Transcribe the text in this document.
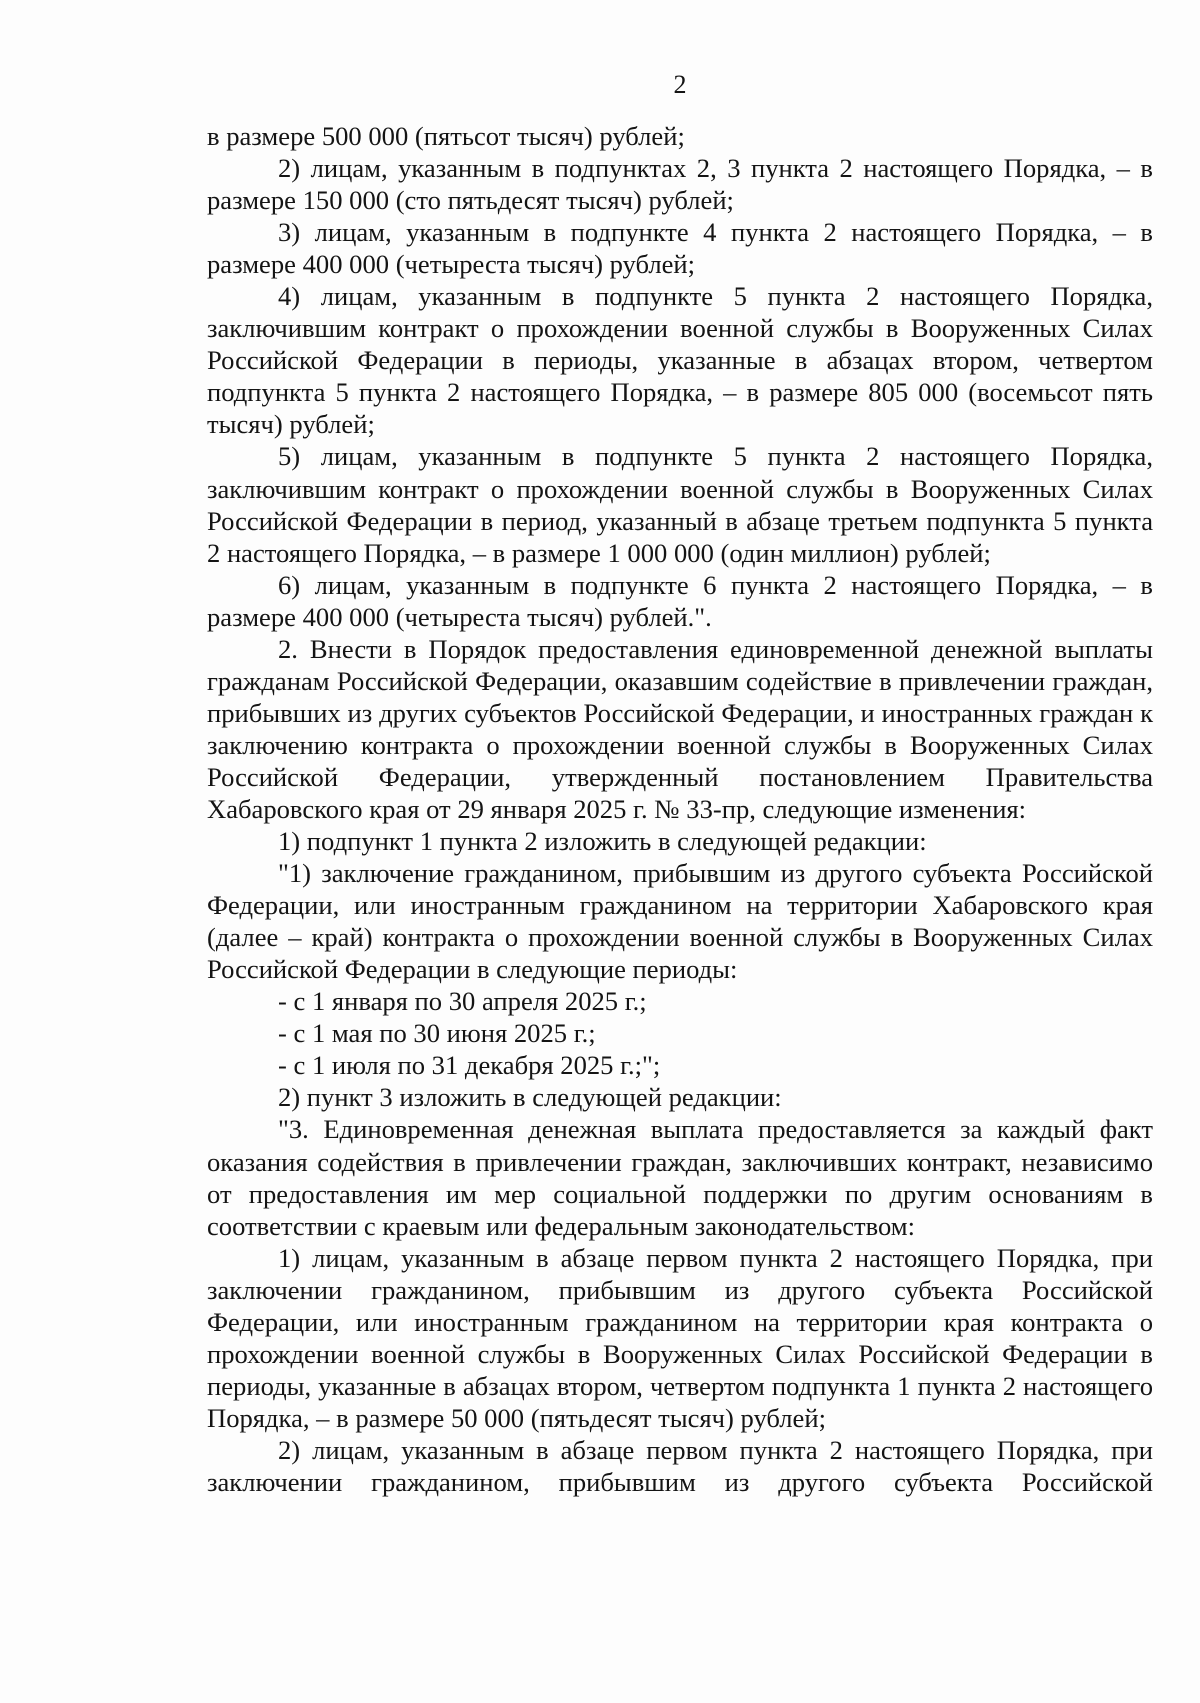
2

в размере 500 000 (пятьсот тысяч) рублей;

2) лицам, указанным в подпунктах 2, 3 пункта 2 настоящего Порядка, – в размере 150 000 (сто пятьдесят тысяч) рублей;

3) лицам, указанным в подпункте 4 пункта 2 настоящего Порядка, – в размере 400 000 (четыреста тысяч) рублей;

4) лицам, указанным в подпункте 5 пункта 2 настоящего Порядка, заключившим контракт о прохождении военной службы в Вооруженных Силах Российской Федерации в периоды, указанные в абзацах втором, четвертом подпункта 5 пункта 2 настоящего Порядка, – в размере 805 000 (восемьсот пять тысяч) рублей;

5) лицам, указанным в подпункте 5 пункта 2 настоящего Порядка, заключившим контракт о прохождении военной службы в Вооруженных Силах Российской Федерации в период, указанный в абзаце третьем подпункта 5 пункта 2 настоящего Порядка, – в размере 1 000 000 (один миллион) рублей;

6) лицам, указанным в подпункте 6 пункта 2 настоящего Порядка, – в размере 400 000 (четыреста тысяч) рублей.".

2. Внести в Порядок предоставления единовременной денежной выплаты гражданам Российской Федерации, оказавшим содействие в привлечении граждан, прибывших из других субъектов Российской Федерации, и иностранных граждан к заключению контракта о прохождении военной службы в Вооруженных Силах Российской Федерации, утвержденный постановлением Правительства Хабаровского края от 29 января 2025 г. № 33-пр, следующие изменения:

1) подпункт 1 пункта 2 изложить в следующей редакции:

"1) заключение гражданином, прибывшим из другого субъекта Российской Федерации, или иностранным гражданином на территории Хабаровского края (далее – край) контракта о прохождении военной службы в Вооруженных Силах Российской Федерации в следующие периоды:

- с 1 января по 30 апреля 2025 г.;

- с 1 мая по 30 июня 2025 г.;

- с 1 июля по 31 декабря 2025 г.;";

2) пункт 3 изложить в следующей редакции:

"3. Единовременная денежная выплата предоставляется за каждый факт оказания содействия в привлечении граждан, заключивших контракт, независимо от предоставления им мер социальной поддержки по другим основаниям в соответствии с краевым или федеральным законодательством:

1) лицам, указанным в абзаце первом пункта 2 настоящего Порядка, при заключении гражданином, прибывшим из другого субъекта Российской Федерации, или иностранным гражданином на территории края контракта о прохождении военной службы в Вооруженных Силах Российской Федерации в периоды, указанные в абзацах втором, четвертом подпункта 1 пункта 2 настоящего Порядка, – в размере 50 000 (пятьдесят тысяч) рублей;

2) лицам, указанным в абзаце первом пункта 2 настоящего Порядка, при заключении гражданином, прибывшим из другого субъекта Российской
